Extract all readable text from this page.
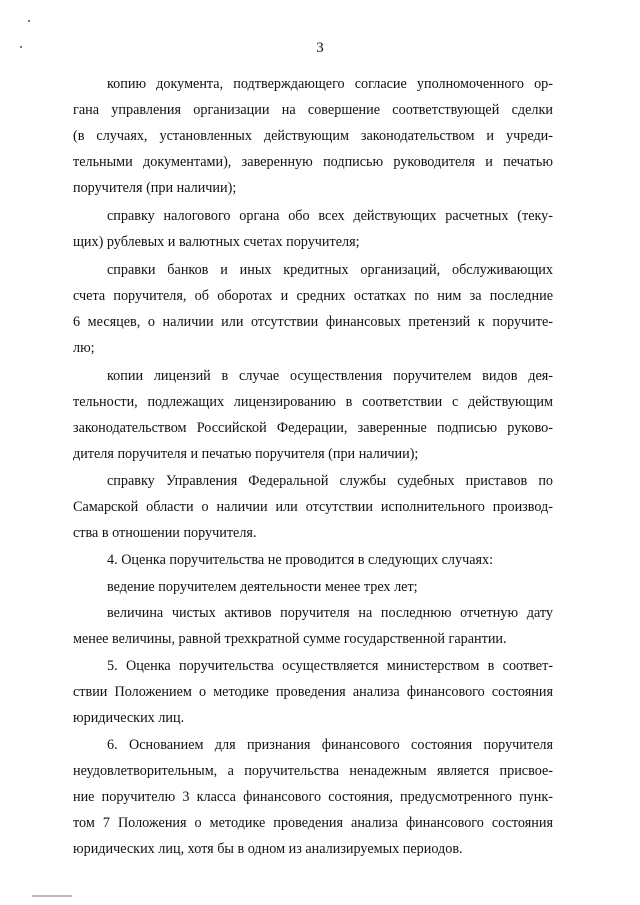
3
копию документа, подтверждающего согласие уполномоченного ор-
гана управления организации на совершение соответствующей сделки
(в случаях, установленных действующим законодательством и учреди-
тельными документами), заверенную подписью руководителя и печатью
поручителя (при наличии);
справку налогового органа обо всех действующих расчетных (теку-
щих) рублевых и валютных счетах поручителя;
справки банков и иных кредитных организаций, обслуживающих
счета поручителя, об оборотах и средних остатках по ним за последние
6 месяцев, о наличии или отсутствии финансовых претензий к поручите-
лю;
копии лицензий в случае осуществления поручителем видов дея-
тельности, подлежащих лицензированию в соответствии с действующим
законодательством Российской Федерации, заверенные подписью руково-
дителя поручителя и печатью поручителя (при наличии);
справку Управления Федеральной службы судебных приставов по
Самарской области о наличии или отсутствии исполнительного производ-
ства в отношении поручителя.
4. Оценка поручительства не проводится в следующих случаях:
ведение поручителем деятельности менее трех лет;
величина чистых активов поручителя на последнюю отчетную дату
менее величины, равной трехкратной сумме государственной гарантии.
5. Оценка поручительства осуществляется министерством в соответ-
ствии Положением о методике проведения анализа финансового состояния
юридических лиц.
6. Основанием для признания финансового состояния поручителя
неудовлетворительным, а поручительства ненадежным является присвое-
ние поручителю 3 класса финансового состояния, предусмотренного пунк-
том 7 Положения о методике проведения анализа финансового состояния
юридических лиц, хотя бы в одном из анализируемых периодов.
